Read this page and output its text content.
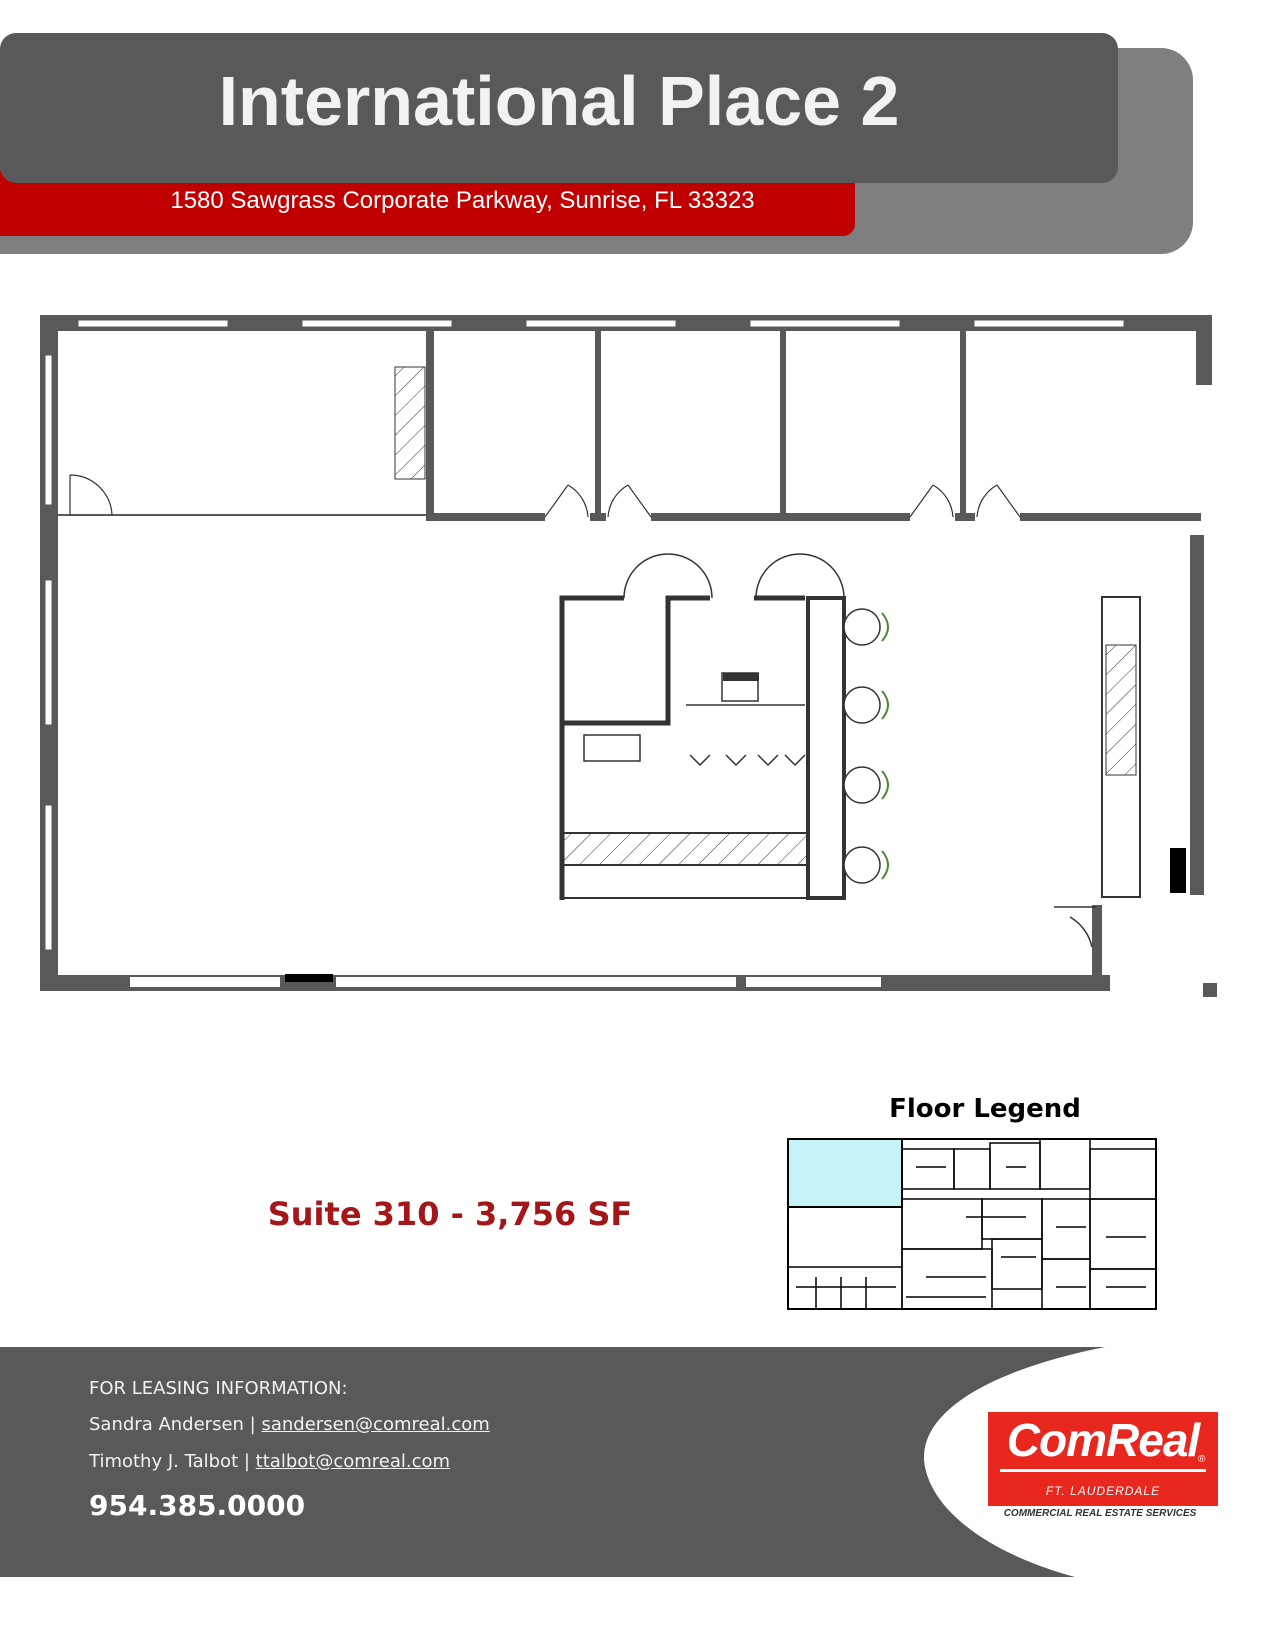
International Place 2
1580 Sawgrass Corporate Parkway, Sunrise, FL 33323
Suite 310 - 3,756 SF
Floor Legend
FOR LEASING INFORMATION:
Sandra Andersen | sandersen@comreal.com
Timothy J. Talbot | ttalbot@comreal.com
954.385.0000
ComReal
®
FT. LAUDERDALE
COMMERCIAL REAL ESTATE SERVICES
